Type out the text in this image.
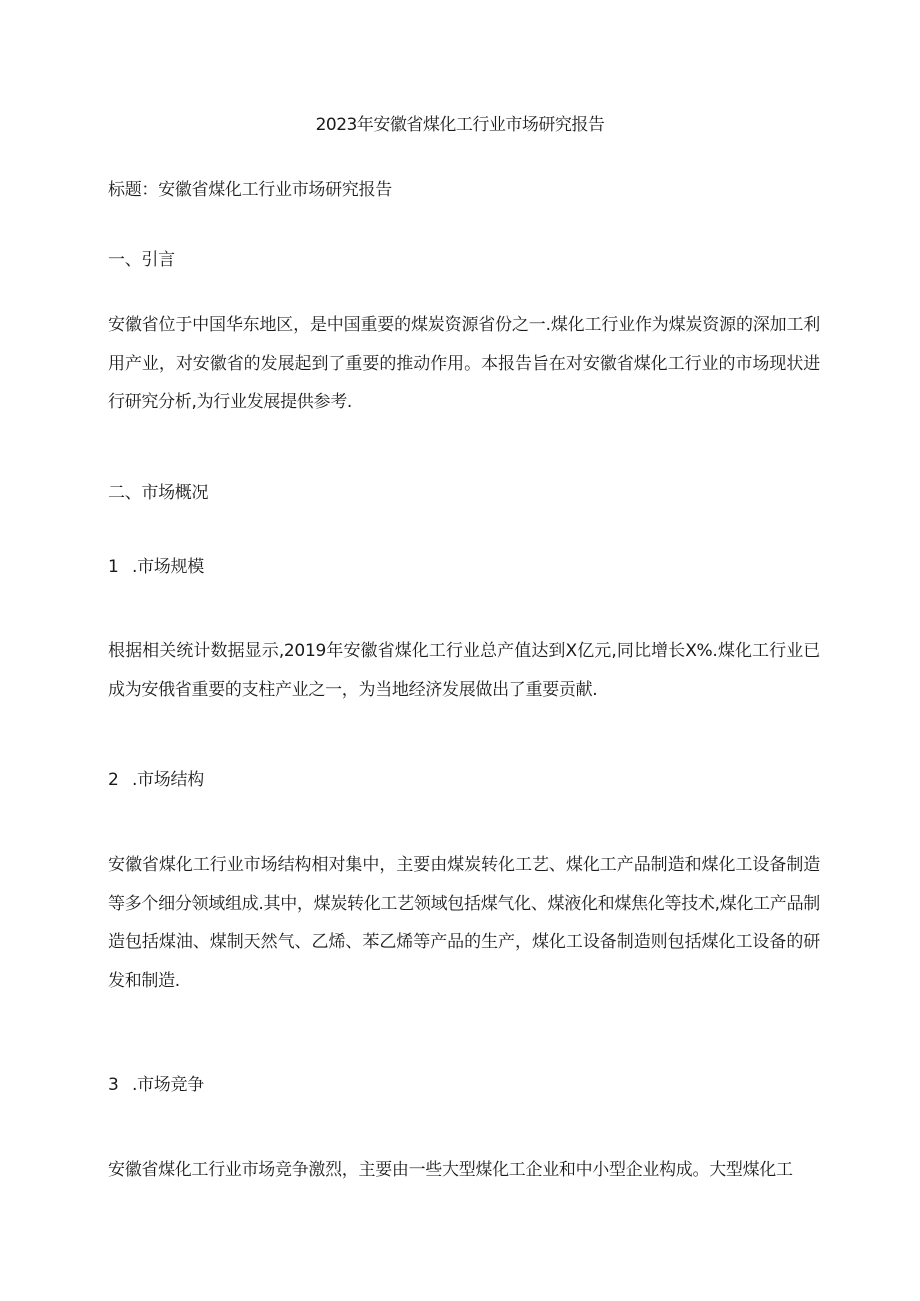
2023年安徽省煤化工行业市场研究报告

标题：安徽省煤化工行业市场研究报告

一、引言

安徽省位于中国华东地区，是中国重要的煤炭资源省份之一.煤化工行业作为煤炭资源的深加工利用产业，对安徽省的发展起到了重要的推动作用。本报告旨在对安徽省煤化工行业的市场现状进行研究分析,为行业发展提供参考.

二、市场概况
1 .市场规模

根据相关统计数据显示,2019年安徽省煤化工行业总产值达到X亿元,同比增长X%.煤化工行业已成为安俄省重要的支柱产业之一，为当地经济发展做出了重要贡献.

2 .市场结构

安徽省煤化工行业市场结构相对集中，主要由煤炭转化工艺、煤化工产品制造和煤化工设备制造等多个细分领域组成.其中，煤炭转化工艺领域包括煤气化、煤液化和煤焦化等技术,煤化工产品制造包括煤油、煤制天然气、乙烯、苯乙烯等产品的生产，煤化工设备制造则包括煤化工设备的研发和制造.

3 .市场竞争

安徽省煤化工行业市场竞争激烈，主要由一些大型煤化工企业和中小型企业构成。大型煤化工
